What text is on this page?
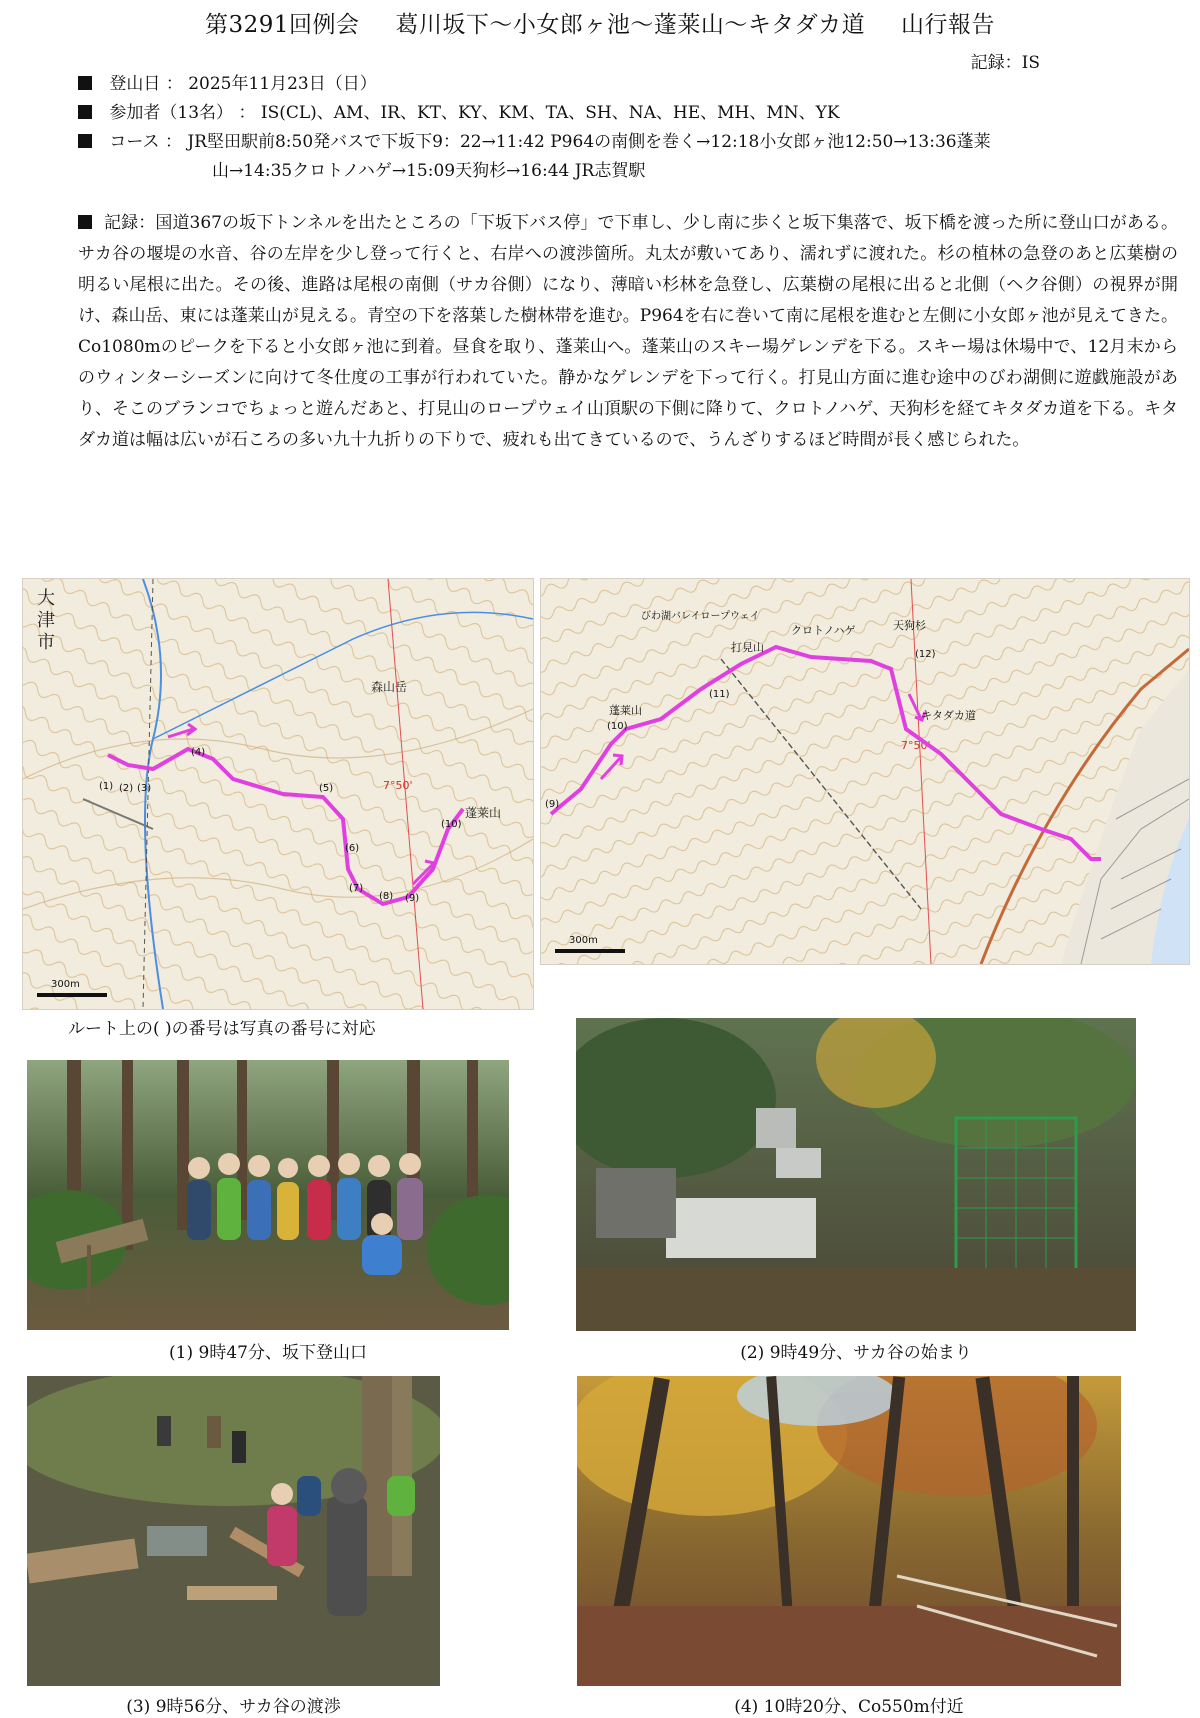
第3291回例会 葛川坂下〜小女郎ヶ池〜蓬莱山〜キタダカ道 山行報告
記録：IS
登山日 ： 2025年11月23日（日）
参加者（13名） ： IS(CL)、AM、IR、KT、KY、KM、TA、SH、NA、HE、MH、MN、YK
コース ： JR堅田駅前8:50発バスで下坂下9：22→11:42 P964の南側を巻く→12:18小女郎ヶ池12:50→13:36蓬莱
山→14:35クロトノハゲ→15:09天狗杉→16:44 JR志賀駅
記録：国道367の坂下トンネルを出たところの「下坂下バス停」で下車し、少し南に歩くと坂下集落で、坂下橋を渡った所に登山口がある。サカ谷の堰堤の水音、谷の左岸を少し登って行くと、右岸への渡渉箇所。丸太が敷いてあり、濡れずに渡れた。杉の植林の急登のあと広葉樹の明るい尾根に出た。その後、進路は尾根の南側（サカ谷側）になり、薄暗い杉林を急登し、広葉樹の尾根に出ると北側（ヘク谷側）の視界が開け、森山岳、東には蓬莱山が見える。青空の下を落葉した樹林帯を進む。P964を右に巻いて南に尾根を進むと左側に小女郎ヶ池が見えてきた。 Co1080mのピークを下ると小女郎ヶ池に到着。昼食を取り、蓬莱山へ。蓬莱山のスキー場ゲレンデを下る。スキー場は休場中で、12月末からのウィンターシーズンに向けて冬仕度の工事が行われていた。静かなゲレンデを下って行く。打見山方面に進む途中のびわ湖側に遊戯施設があり、そこのブランコでちょっと遊んだあと、打見山のロープウェイ山頂駅の下側に降りて、クロトノハゲ、天狗杉を経てキタダカ道を下る。キタダカ道は幅は広いが石ころの多い九十九折りの下りで、疲れも出てきているので、うんざりするほど時間が長く感じられた。
7°50'
大津市
森山岳
蓬莱山
(1) (2) (3)
(4)
(5)
(6)
(7)
(8) (9)
(10)
300m
7°50'
クロトノハゲ
打見山
蓬莱山
天狗杉
キタダカ道
びわ湖バレイロープウェイ
(9)
(10)
(11)
(12)
300m
ルート上の( )の番号は写真の番号に対応
(1) 9時47分、坂下登山口	(2) 9時49分、サカ谷の始まり
(3) 9時56分、サカ谷の渡渉	(4) 10時20分、Co550m付近
